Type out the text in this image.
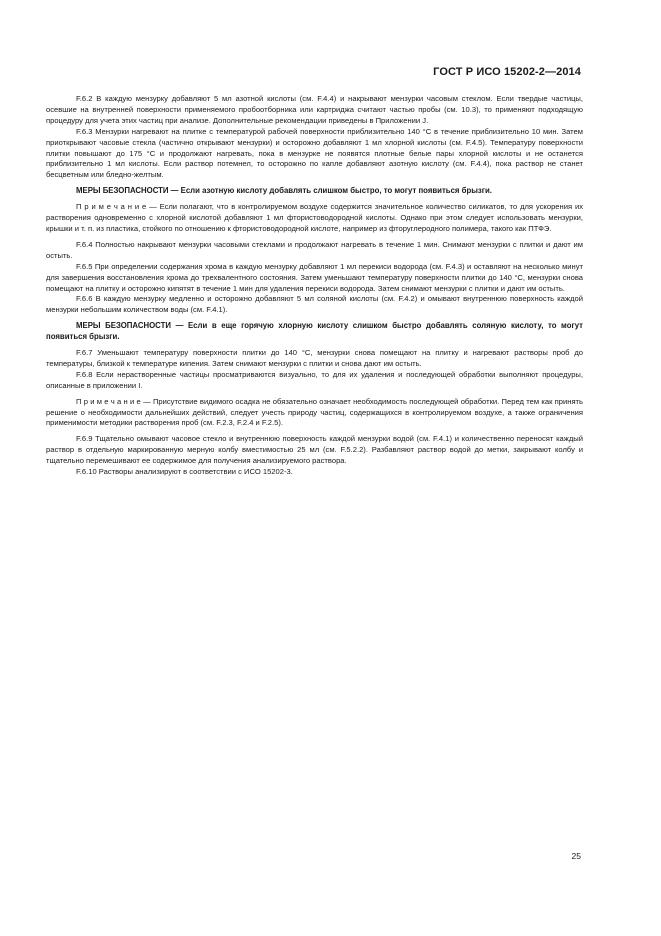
ГОСТ Р ИСО 15202-2—2014

F.6.2 В каждую мензурку добавляют 5 мл азотной кислоты (см. F.4.4) и накрывают мензурки часовым стеклом. Если твердые частицы, осевшие на внутренней поверхности применяемого пробоотборника или картриджа считают частью пробы (см. 10.3), то применяют подходящую процедуру для учета этих частиц при анализе. Дополнительные рекомендации приведены в Приложении J.

F.6.3 Мензурки нагревают на плитке с температурой рабочей поверхности приблизительно 140 °С в течение приблизительно 10 мин. Затем приоткрывают часовые стекла (частично открывают мензурки) и осторожно добавляют 1 мл хлорной кислоты (см. F.4.5). Температуру поверхности плитки повышают до 175 °С и продолжают нагревать, пока в мензурке не появятся плотные белые пары хлорной кислоты и не останется приблизительно 1 мл кислоты. Если раствор потемнел, то осторожно по капле добавляют азотную кислоту (см. F.4.4), пока раствор не станет бесцветным или бледно-желтым.

МЕРЫ БЕЗОПАСНОСТИ — Если азотную кислоту добавлять слишком быстро, то могут появиться брызги.

П р и м е ч а н и е — Если полагают, что в контролируемом воздухе содержится значительное количество силикатов, то для ускорения их растворения одновременно с хлорной кислотой добавляют 1 мл фтористоводородной кислоты. Однако при этом следует использовать мензурки, крышки и т. п. из пластика, стойкого по отношению к фтористоводородной кислоте, например из фторуглеродного полимера, такого как ПТФЭ.

F.6.4 Полностью накрывают мензурки часовыми стеклами и продолжают нагревать в течение 1 мин. Снимают мензурки с плитки и дают им остыть.

F.6.5 При определении содержания хрома в каждую мензурку добавляют 1 мл перекиси водорода (см. F.4.3) и оставляют на несколько минут для завершения восстановления хрома до трехвалентного состояния. Затем уменьшают температуру поверхности плитки до 140 °С, мензурки снова помещают на плитку и осторожно кипятят в течение 1 мин для удаления перекиси водорода. Затем снимают мензурки с плитки и дают им остыть.

F.6.6 В каждую мензурку медленно и осторожно добавляют 5 мл соляной кислоты (см. F.4.2) и омывают внутреннюю поверхность каждой мензурки небольшим количеством воды (см. F.4.1).

МЕРЫ БЕЗОПАСНОСТИ — Если в еще горячую хлорную кислоту слишком быстро добавлять соляную кислоту, то могут появиться брызги.

F.6.7 Уменьшают температуру поверхности плитки до 140 °С, мензурки снова помещают на плитку и нагревают растворы проб до температуры, близкой к температуре кипения. Затем снимают мензурки с плитки и снова дают им остыть.

F.6.8 Если нерастворенные частицы просматриваются визуально, то для их удаления и последующей обработки выполняют процедуры, описанные в приложении I.

П р и м е ч а н и е — Присутствие видимого осадка не обязательно означает необходимость последующей обработки. Перед тем как принять решение о необходимости дальнейших действий, следует учесть природу частиц, содержащихся в контролируемом воздухе, а также ограничения применимости методики растворения проб (см. F.2.3, F.2.4 и F.2.5).

F.6.9 Тщательно омывают часовое стекло и внутреннюю поверхность каждой мензурки водой (см. F.4.1) и количественно переносят каждый раствор в отдельную маркированную мерную колбу вместимостью 25 мл (см. F.5.2.2). Разбавляют раствор водой до метки, закрывают колбу и тщательно перемешивают ее содержимое для получения анализируемого раствора.

F.6.10 Растворы анализируют в соответствии с ИСО 15202-3.

25
